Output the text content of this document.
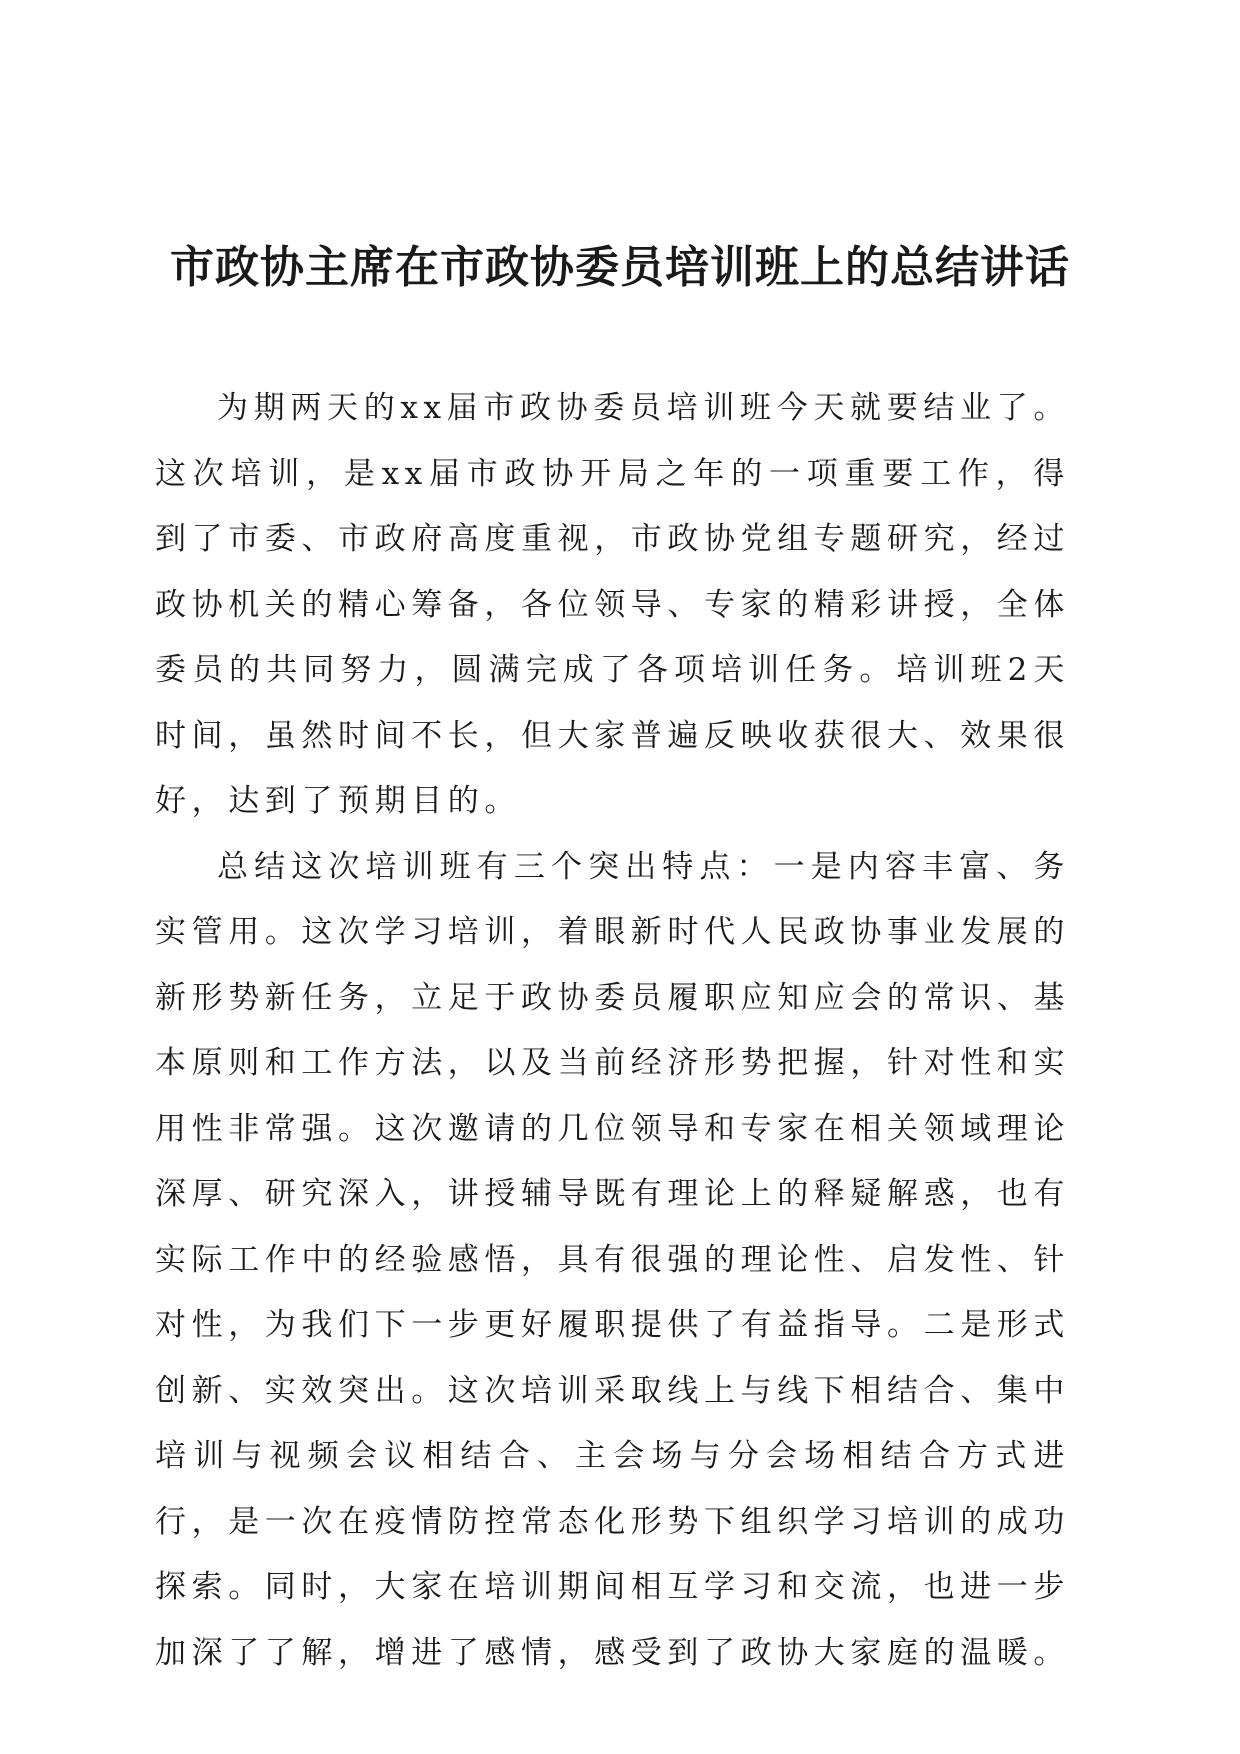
市政协主席在市政协委员培训班上的总结讲话

为期两天的xx届市政协委员培训班今天就要结业了。这次培训，是xx届市政协开局之年的一项重要工作，得到了市委、市政府高度重视，市政协党组专题研究，经过政协机关的精心筹备，各位领导、专家的精彩讲授，全体委员的共同努力，圆满完成了各项培训任务。培训班2天时间，虽然时间不长，但大家普遍反映收获很大、效果很好，达到了预期目的。

总结这次培训班有三个突出特点：一是内容丰富、务实管用。这次学习培训，着眼新时代人民政协事业发展的新形势新任务，立足于政协委员履职应知应会的常识、基本原则和工作方法，以及当前经济形势把握，针对性和实用性非常强。这次邀请的几位领导和专家在相关领域理论深厚、研究深入，讲授辅导既有理论上的释疑解惑，也有实际工作中的经验感悟，具有很强的理论性、启发性、针对性，为我们下一步更好履职提供了有益指导。二是形式创新、实效突出。这次培训采取线上与线下相结合、集中培训与视频会议相结合、主会场与分会场相结合方式进行，是一次在疫情防控常态化形势下组织学习培训的成功探索。同时，大家在培训期间相互学习和交流，也进一步加深了了解，增进了感情，感受到了政协大家庭的温暖。
